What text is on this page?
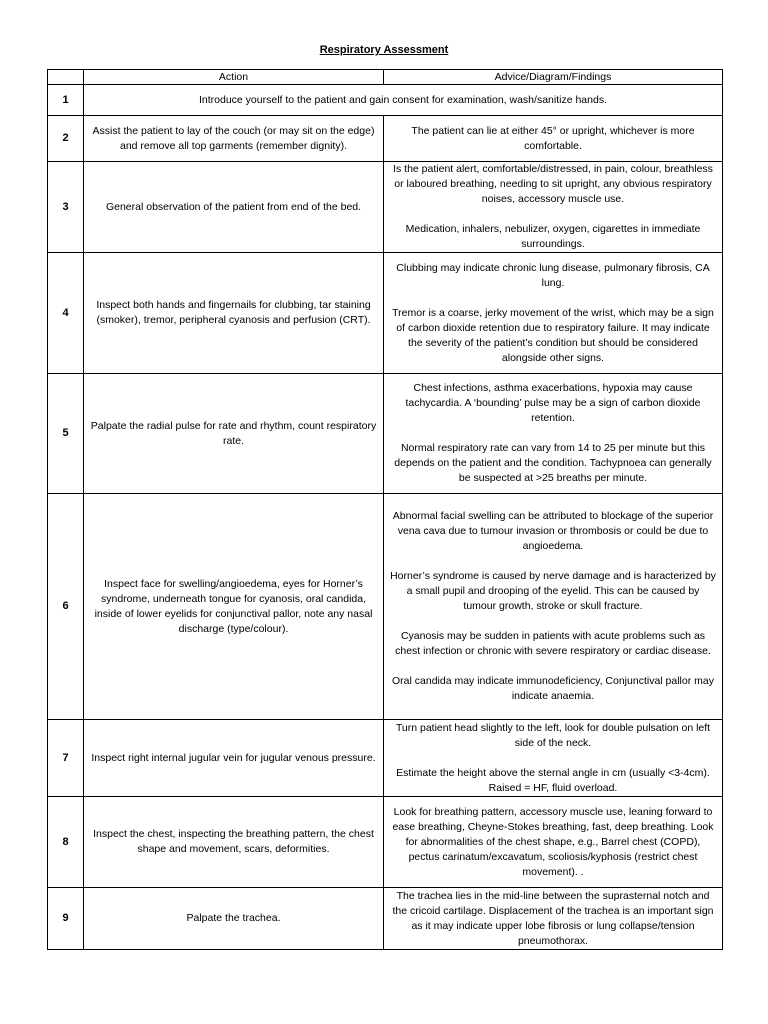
Respiratory Assessment
	Action	Advice/Diagram/Findings
1	Introduce yourself to the patient and gain consent for examination, wash/sanitize hands.	
2	Assist the patient to lay of the couch (or may sit on the edge) and remove all top garments (remember dignity).	The patient can lie at either 45° or upright, whichever is more comfortable.

3	General observation of the patient from end of the bed.	Is the patient alert, comfortable/distressed, in pain, colour, breathless or laboured breathing, needing to sit upright, any obvious respiratory noises, accessory muscle use.

Medication, inhalers, nebulizer, oxygen, cigarettes in immediate surroundings.

4	Inspect both hands and fingernails for clubbing, tar staining (smoker), tremor, peripheral cyanosis and perfusion (CRT).	Clubbing may indicate chronic lung disease, pulmonary fibrosis, CA lung.

Tremor is a coarse, jerky movement of the wrist, which may be a sign of carbon dioxide retention due to respiratory failure. It may indicate the severity of the patient’s condition but should be considered alongside other signs.

5	Palpate the radial pulse for rate and rhythm, count respiratory rate.	Chest infections, asthma exacerbations, hypoxia may cause tachycardia. A ‘bounding’ pulse may be a sign of carbon dioxide retention.

Normal respiratory rate can vary from 14 to 25 per minute but this depends on the patient and the condition. Tachypnoea can generally be suspected at >25 breaths per minute.

6	Inspect face for swelling/angioedema, eyes for Horner’s syndrome, underneath tongue for cyanosis, oral candida, inside of lower eyelids for conjunctival pallor, note any nasal discharge (type/colour).	Abnormal facial swelling can be attributed to blockage of the superior vena cava due to tumour invasion or thrombosis or could be due to angioedema.

Horner’s syndrome is caused by nerve damage and is haracterized by a small pupil and drooping of the eyelid. This can be caused by tumour growth, stroke or skull fracture.

Cyanosis may be sudden in patients with acute problems such as chest infection or chronic with severe respiratory or cardiac disease.

Oral candida may indicate immunodeficiency, Conjunctival pallor may indicate anaemia.

7	Inspect right internal jugular vein for jugular venous pressure.	Turn patient head slightly to the left, look for double pulsation on left side of the neck.

Estimate the height above the sternal angle in cm (usually <3-4cm). Raised = HF, fluid overload.

8	Inspect the chest, inspecting the breathing pattern, the chest shape and movement, scars, deformities.	Look for breathing pattern, accessory muscle use, leaning forward to ease breathing, Cheyne-Stokes breathing, fast, deep breathing. Look for abnormalities of the chest shape, e.g., Barrel chest (COPD), pectus carinatum/excavatum, scoliosis/kyphosis (restrict chest movement). .

9	Palpate the trachea.	The trachea lies in the mid-line between the suprasternal notch and the cricoid cartilage. Displacement of the trachea is an important sign as it may indicate upper lobe fibrosis or lung collapse/tension pneumothorax.
